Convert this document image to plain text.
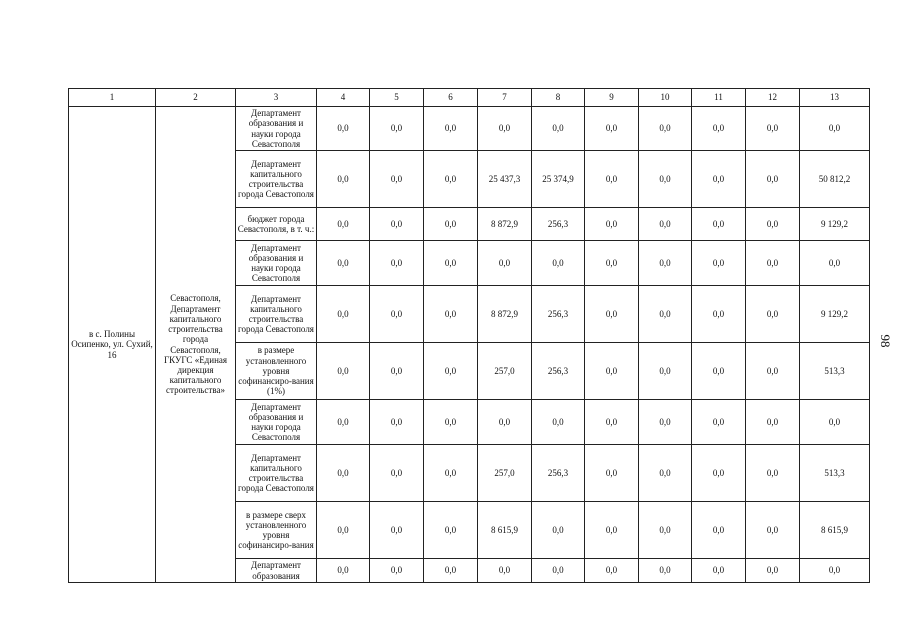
1	2	3	4	5	6	7	8	9	10	11	12	13
в с. Полины Осипенко, ул. Сухий, 16	Севастополя, Департамент капитального строительства города Севастополя, ГКУГС «Единая дирекция капитального строительства»	Департамент образования и науки города Севастополя	0,0	0,0	0,0	0,0	0,0	0,0	0,0	0,0	0,0	0,0
		Департамент капитального строительства города Севастополя	0,0	0,0	0,0	25 437,3	25 374,9	0,0	0,0	0,0	0,0	50 812,2
		бюджет города Севастополя, в т. ч.:	0,0	0,0	0,0	8 872,9	256,3	0,0	0,0	0,0	0,0	9 129,2
		Департамент образования и науки города Севастополя	0,0	0,0	0,0	0,0	0,0	0,0	0,0	0,0	0,0	0,0
		Департамент капитального строительства города Севастополя	0,0	0,0	0,0	8 872,9	256,3	0,0	0,0	0,0	0,0	9 129,2
		в размере установленного уровня софинансиро-вания (1%)	0,0	0,0	0,0	257,0	256,3	0,0	0,0	0,0	0,0	513,3
		Департамент образования и науки города Севастополя	0,0	0,0	0,0	0,0	0,0	0,0	0,0	0,0	0,0	0,0
		Департамент капитального строительства города Севастополя	0,0	0,0	0,0	257,0	256,3	0,0	0,0	0,0	0,0	513,3
		в размере сверх установленного уровня софинансиро-вания	0,0	0,0	0,0	8 615,9	0,0	0,0	0,0	0,0	0,0	8 615,9
		Департамент образования	0,0	0,0	0,0	0,0	0,0	0,0	0,0	0,0	0,0	0,0
98
